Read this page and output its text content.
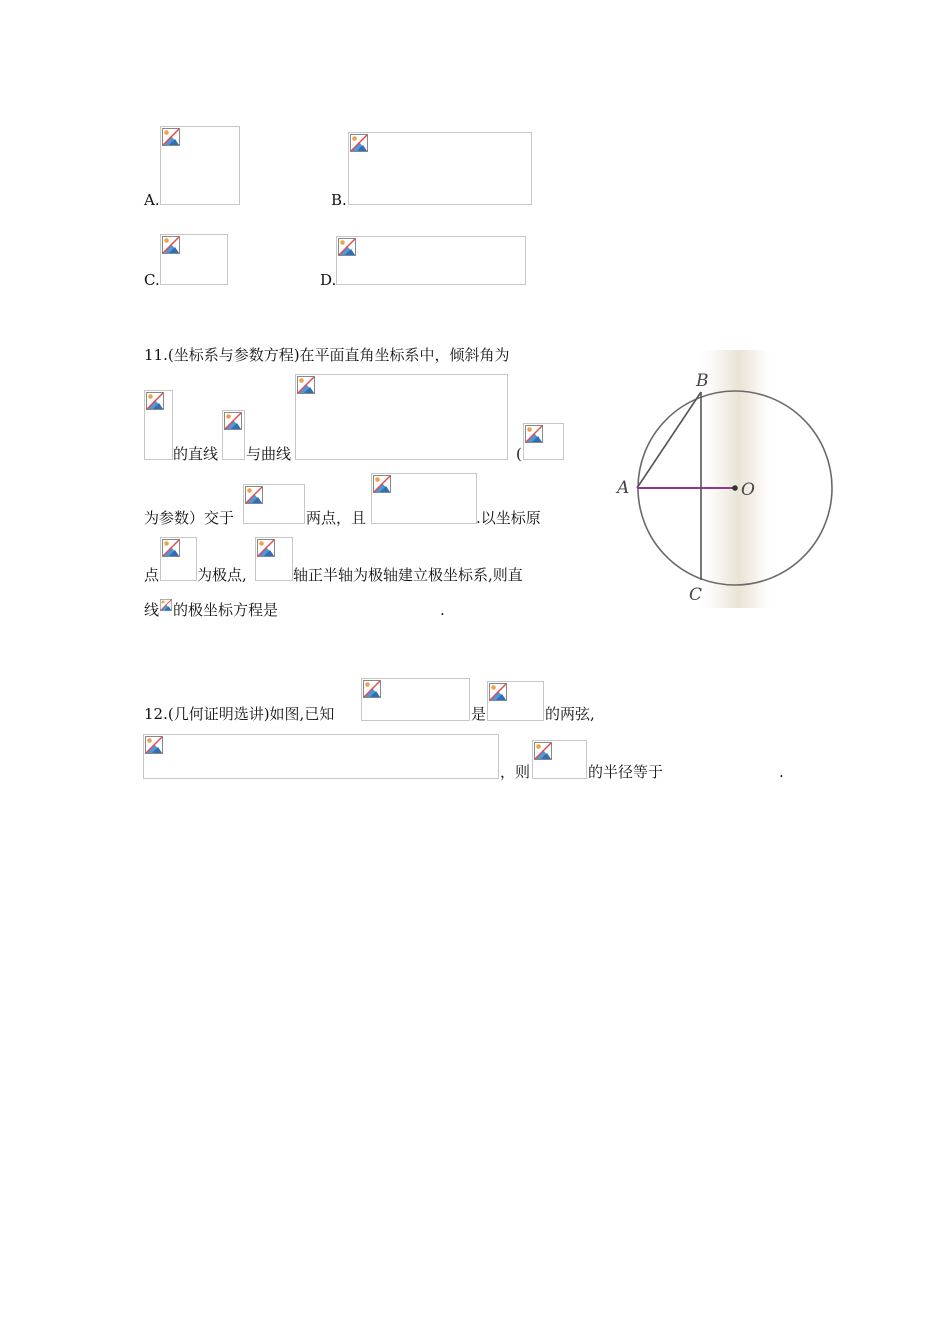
A.	B.
C.	D.
11.(坐标系与参数方程)在平面直角坐标系中，倾斜角为
的直线 与曲线	(
为参数）交于	两点，且	.以坐标原
点	为极点,	轴正半轴为极轴建立极坐标系,则直
线 的极坐标方程是	.
A
B
C
O
12.(几何证明选讲)如图,已知	是	的两弦,
，则	的半径等于	.
